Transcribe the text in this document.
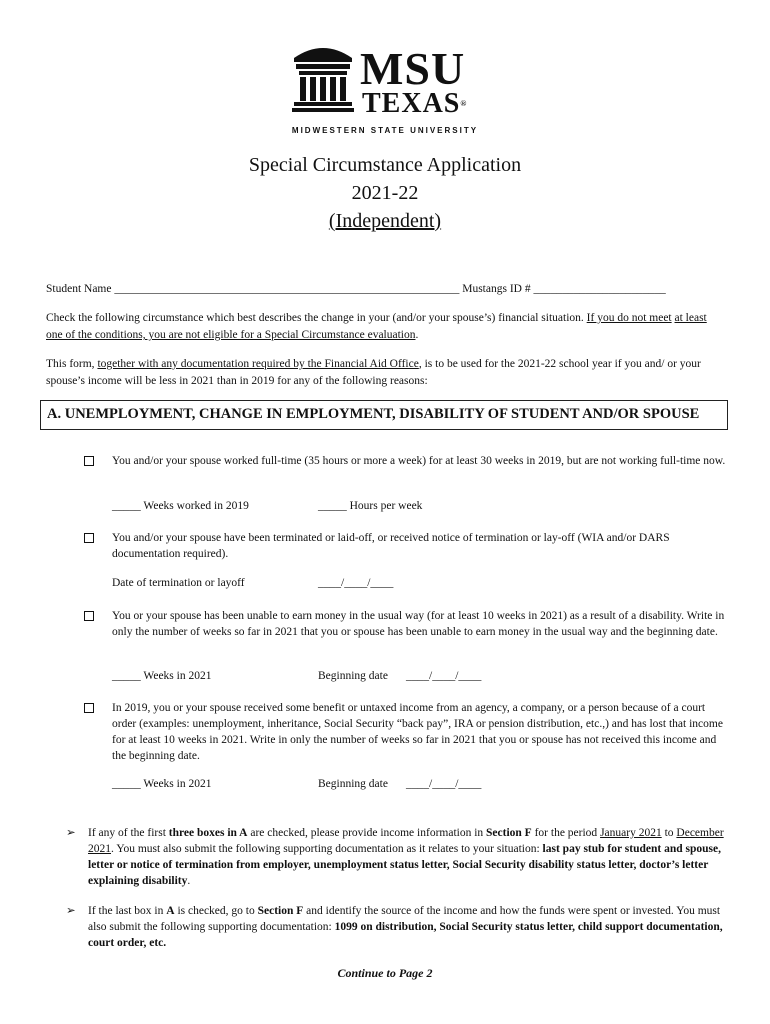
MSU
TEXAS®
MIDWESTERN STATE UNIVERSITY
Special Circumstance Application
2021-22
(Independent)
Student Name ____________________________________________________________ Mustangs ID # _______________________
Check the following circumstance which best describes the change in your (and/or your spouse’s) financial situation. If you do not meet at least one of the conditions, you are not eligible for a Special Circumstance evaluation.
This form, together with any documentation required by the Financial Aid Office, is to be used for the 2021-22 school year if you and/ or your spouse’s income will be less in 2021 than in 2019 for any of the following reasons:
A. UNEMPLOYMENT, CHANGE IN EMPLOYMENT, DISABILITY OF STUDENT AND/OR SPOUSE
You and/or your spouse worked full-time (35 hours or more a week) for at least 30 weeks in 2019, but are not working full-time now.
_____ Weeks worked in 2019	_____ Hours per week
You and/or your spouse have been terminated or laid-off, or received notice of termination or lay-off (WIA and/or DARS documentation required).
Date of termination or layoff	____/____/____
You or your spouse has been unable to earn money in the usual way (for at least 10 weeks in 2021) as a result of a disability. Write in only the number of weeks so far in 2021 that you or spouse has been unable to earn money in the usual way and the beginning date.
_____ Weeks in 2021	Beginning date ____/____/____
In 2019, you or your spouse received some benefit or untaxed income from an agency, a company, or a person because of a court order (examples: unemployment, inheritance, Social Security “back pay”, IRA or pension distribution, etc.,) and has lost that income for at least 10 weeks in 2021. Write in only the number of weeks so far in 2021 that you or spouse has not received this income and the beginning date.
_____ Weeks in 2021	Beginning date ____/____/____
➢ If any of the first three boxes in A are checked, please provide income information in Section F for the period January 2021 to December 2021. You must also submit the following supporting documentation as it relates to your situation: last pay stub for student and spouse, letter or notice of termination from employer, unemployment status letter, Social Security disability status letter, doctor’s letter explaining disability.
➢ If the last box in A is checked, go to Section F and identify the source of the income and how the funds were spent or invested. You must also submit the following supporting documentation: 1099 on distribution, Social Security status letter, child support documentation, court order, etc.
Continue to Page 2
